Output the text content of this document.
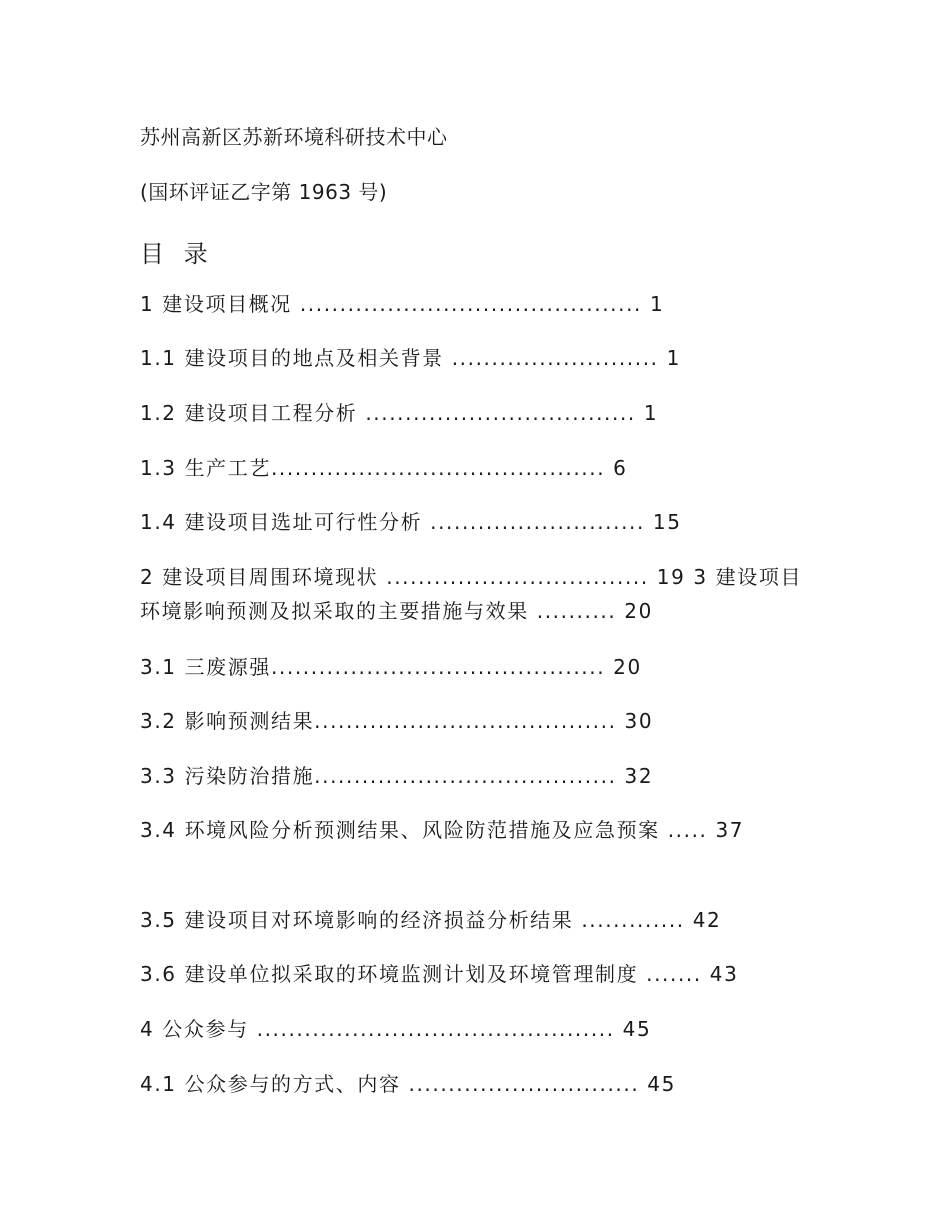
苏州高新区苏新环境科研技术中心
(国环评证乙字第 1963 号)
目 录
1 建设项目概况 ........................................... 1
1.1 建设项目的地点及相关背景 .......................... 1
1.2 建设项目工程分析 .................................. 1
1.3 生产工艺.......................................... 6
1.4 建设项目选址可行性分析 ........................... 15
2 建设项目周围环境现状 ................................. 19 3 建设项目环境影响预测及拟采取的主要措施与效果 .......... 20
3.1 三废源强.......................................... 20
3.2 影响预测结果...................................... 30
3.3 污染防治措施...................................... 32
3.4 环境风险分析预测结果、风险防范措施及应急预案 ..... 37
3.5 建设项目对环境影响的经济损益分析结果 ............. 42
3.6 建设单位拟采取的环境监测计划及环境管理制度 ....... 43
4 公众参与 ............................................. 45
4.1 公众参与的方式、内容 ............................. 45
